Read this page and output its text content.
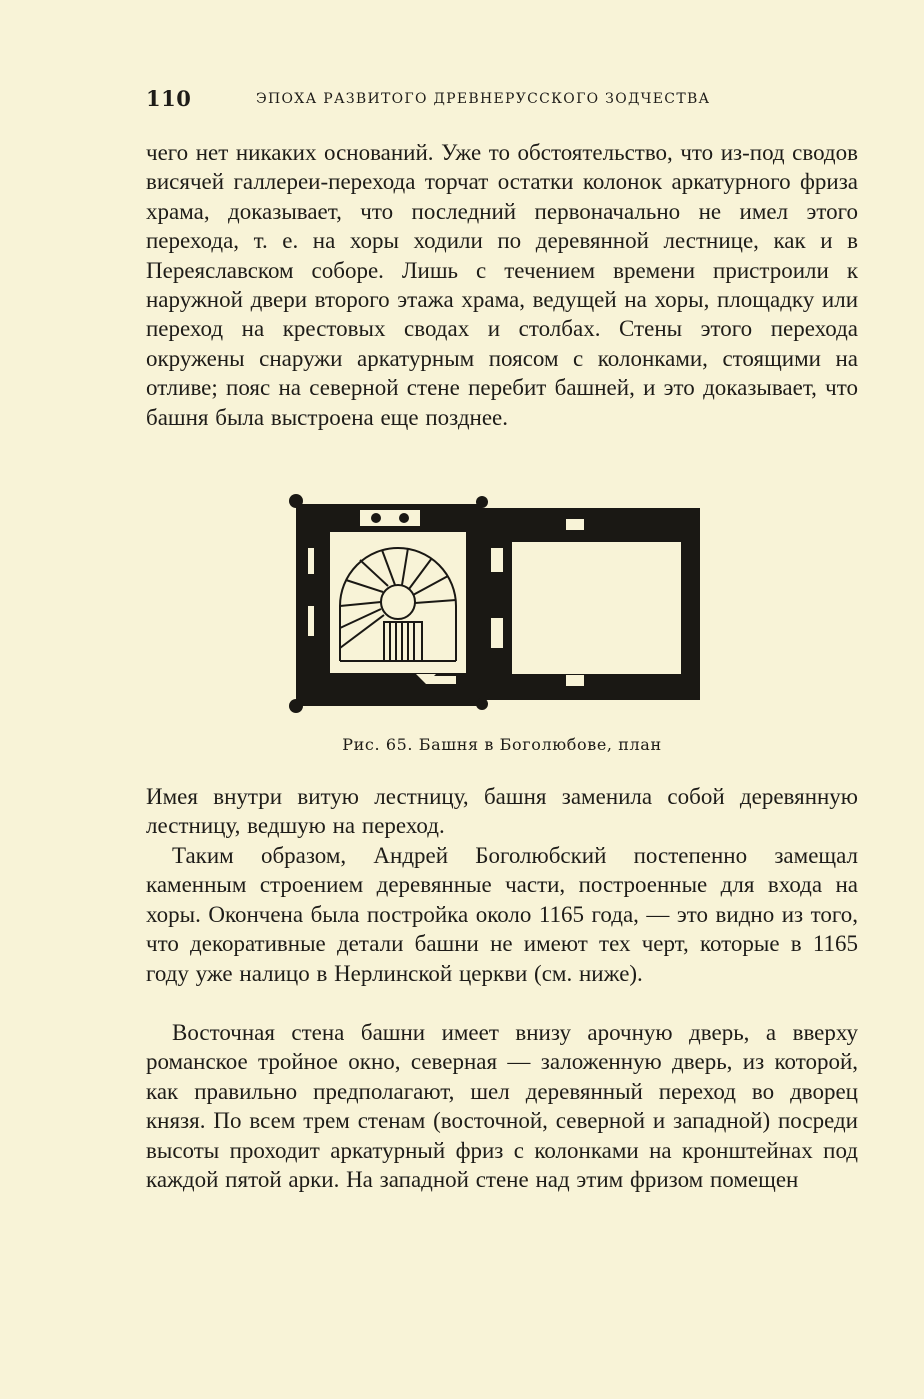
110	ЭПОХА РАЗВИТОГО ДРЕВНЕРУССКОГО ЗОДЧЕСТВА

чего нет никаких оснований. Уже то обстоятельство, что из-под сводов висячей галлереи-перехода торчат остатки колонок аркатурного фриза храма, доказывает, что последний первоначально не имел этого перехода, т. е. на хоры ходили по деревянной лестнице, как и в Переяславском соборе. Лишь с течением времени пристроили к наружной двери второго этажа храма, ведущей на хоры, площадку или переход на крестовых сводах и столбах. Стены этого перехода окружены снаружи аркатурным поясом с колонками, стоящими на отливе; пояс на северной стене перебит башней, и это доказывает, что башня была выстроена еще позднее.

Рис. 65. Башня в Боголюбове, план

Имея внутри витую лестницу, башня заменила собой деревянную лестницу, ведшую на переход.

Таким образом, Андрей Боголюбский постепенно замещал каменным строением деревянные части, построенные для входа на хоры. Окончена была постройка около 1165 года, — это видно из того, что декоративные детали башни не имеют тех черт, которые в 1165 году уже налицо в Нерлинской церкви (см. ниже).

Восточная стена башни имеет внизу арочную дверь, а вверху романское тройное окно, северная — заложенную дверь, из которой, как правильно предполагают, шел деревянный переход во дворец князя. По всем трем стенам (восточной, северной и западной) посреди высоты проходит аркатурный фриз с колонками на кронштейнах под каждой пятой арки. На западной стене над этим фризом помещен
